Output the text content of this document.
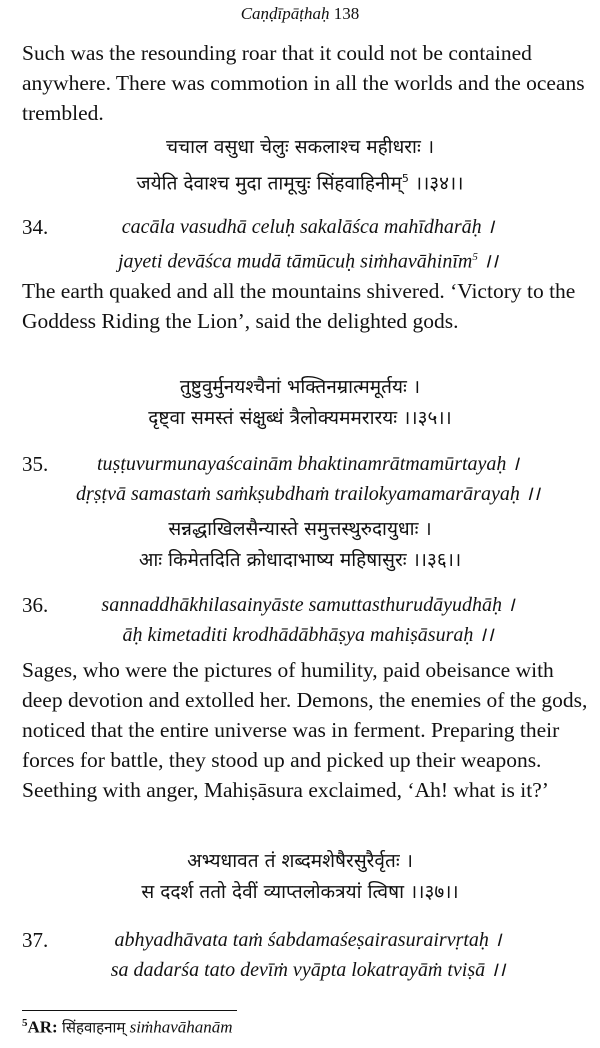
Caṇḍīpāṭhaḥ 138

Such was the resounding roar that it could not be contained anywhere. There was commotion in all the worlds and the oceans trembled.

चचाल वसुधा चेलुः सकलाश्च महीधराः ।
जयेति देवाश्च मुदा तामूचुः सिंहवाहिनीम्$^5$ ।।३४।।
34.	cacāla vasudhā celuḥ sakalāśca mahīdharāḥ ।
jayeti devāśca mudā tāmūcuḥ siṁhavāhinīm$^5$ ।।

The earth quaked and all the mountains shivered. ‘Victory to the Goddess Riding the Lion’, said the delighted gods.

तुष्टुवुर्मुनयश्चैनां भक्तिनम्रात्ममूर्तयः ।
दृष्ट्वा समस्तं संक्षुब्धं त्रैलोक्यममरारयः ।।३५।।
35.	tuṣṭuvurmunayaścainām bhaktinamrātmamūrtayaḥ ।
dṛṣṭvā samastaṁ saṁkṣubdhaṁ trailokyamamarārayaḥ ।।
सन्नद्धाखिलसैन्यास्ते समुत्तस्थुरुदायुधाः ।
आः किमेतदिति क्रोधादाभाष्य महिषासुरः ।।३६।।
36.	sannaddhākhilasainyāste samuttasthurudāyudhāḥ ।
āḥ kimetaditi krodhādābhāṣya mahiṣāsuraḥ ।।

Sages, who were the pictures of humility, paid obeisance with deep devotion and extolled her. Demons, the enemies of the gods, noticed that the entire universe was in ferment. Preparing their forces for battle, they stood up and picked up their weapons. Seething with anger, Mahiṣāsura exclaimed, ‘Ah! what is it?’

अभ्यधावत तं शब्दमशेषैरसुरैर्वृतः ।
स ददर्श ततो देवीं व्याप्तलोकत्रयां त्विषा ।।३७।।
37.	abhyadhāvata taṁ śabdamaśeṣairasurairvṛtaḥ ।
sa dadarśa tato devīṁ vyāpta lokatrayāṁ tviṣā ।।
$^5$AR: सिंहवाहनाम् siṁhavāhanām
